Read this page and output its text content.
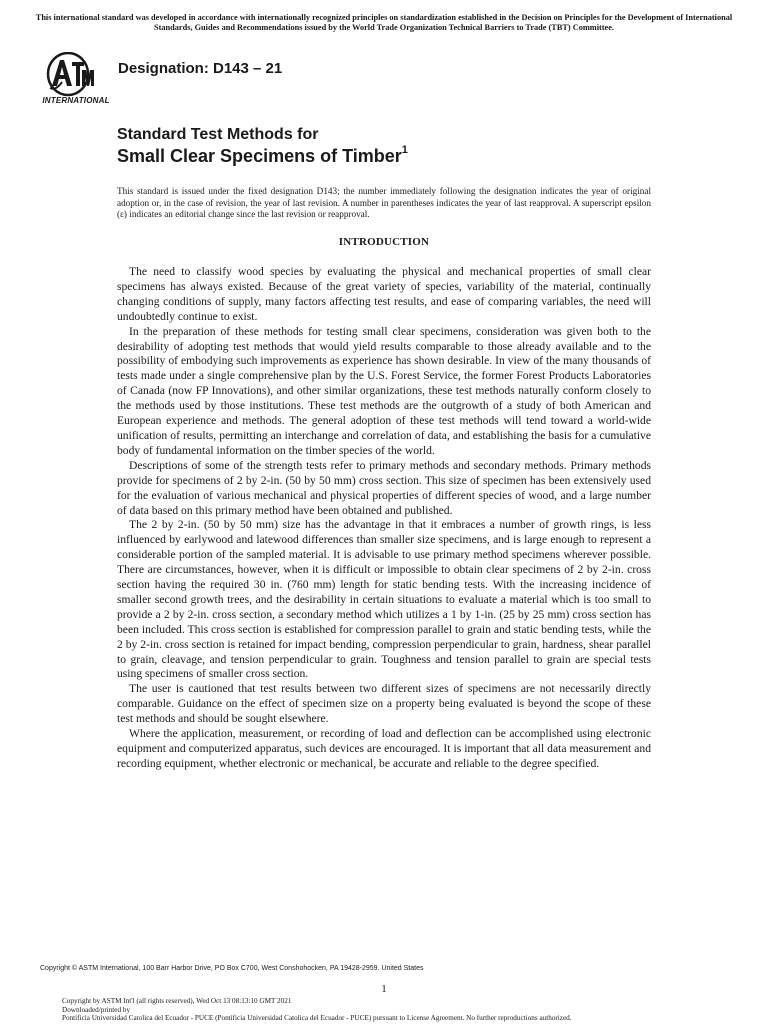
This international standard was developed in accordance with internationally recognized principles on standardization established in the Decision on Principles for the Development of International Standards, Guides and Recommendations issued by the World Trade Organization Technical Barriers to Trade (TBT) Committee.
INTERNATIONAL
Designation: D143 – 21
Standard Test Methods for
Small Clear Specimens of Timber$^1$
This standard is issued under the fixed designation D143; the number immediately following the designation indicates the year of original adoption or, in the case of revision, the year of last revision. A number in parentheses indicates the year of last reapproval. A superscript epsilon (ε) indicates an editorial change since the last revision or reapproval.
INTRODUCTION

The need to classify wood species by evaluating the physical and mechanical properties of small clear specimens has always existed. Because of the great variety of species, variability of the material, continually changing conditions of supply, many factors affecting test results, and ease of comparing variables, the need will undoubtedly continue to exist.

In the preparation of these methods for testing small clear specimens, consideration was given both to the desirability of adopting test methods that would yield results comparable to those already available and to the possibility of embodying such improvements as experience has shown desirable. In view of the many thousands of tests made under a single comprehensive plan by the U.S. Forest Service, the former Forest Products Laboratories of Canada (now FP Innovations), and other similar organizations, these test methods naturally conform closely to the methods used by those institutions. These test methods are the outgrowth of a study of both American and European experience and methods. The general adoption of these test methods will tend toward a world-wide unification of results, permitting an interchange and correlation of data, and establishing the basis for a cumulative body of fundamental information on the timber species of the world.

Descriptions of some of the strength tests refer to primary methods and secondary methods. Primary methods provide for specimens of 2 by 2-in. (50 by 50 mm) cross section. This size of specimen has been extensively used for the evaluation of various mechanical and physical properties of different species of wood, and a large number of data based on this primary method have been obtained and published.

The 2 by 2-in. (50 by 50 mm) size has the advantage in that it embraces a number of growth rings, is less influenced by earlywood and latewood differences than smaller size specimens, and is large enough to represent a considerable portion of the sampled material. It is advisable to use primary method specimens wherever possible. There are circumstances, however, when it is difficult or impossible to obtain clear specimens of 2 by 2-in. cross section having the required 30 in. (760 mm) length for static bending tests. With the increasing incidence of smaller second growth trees, and the desirability in certain situations to evaluate a material which is too small to provide a 2 by 2-in. cross section, a secondary method which utilizes a 1 by 1-in. (25 by 25 mm) cross section has been included. This cross section is established for compression parallel to grain and static bending tests, while the 2 by 2-in. cross section is retained for impact bending, compression perpendicular to grain, hardness, shear parallel to grain, cleavage, and tension perpendicular to grain. Toughness and tension parallel to grain are special tests using specimens of smaller cross section.

The user is cautioned that test results between two different sizes of specimens are not necessarily directly comparable. Guidance on the effect of specimen size on a property being evaluated is beyond the scope of these test methods and should be sought elsewhere.

Where the application, measurement, or recording of load and deflection can be accomplished using electronic equipment and computerized apparatus, such devices are encouraged. It is important that all data measurement and recording equipment, whether electronic or mechanical, be accurate and reliable to the degree specified.

Copyright © ASTM International, 100 Barr Harbor Drive, PO Box C700, West Conshohocken, PA 19428-2959. United States
1
Copyright by ASTM Int'l (all rights reserved), Wed Oct 13 08:13:10 GMT 2021
Downloaded/printed by
Pontificia Universidad Catolica del Ecuador - PUCE (Pontificia Universidad Catolica del Ecuador - PUCE) pursuant to License Agreement. No further reproductions authorized.
